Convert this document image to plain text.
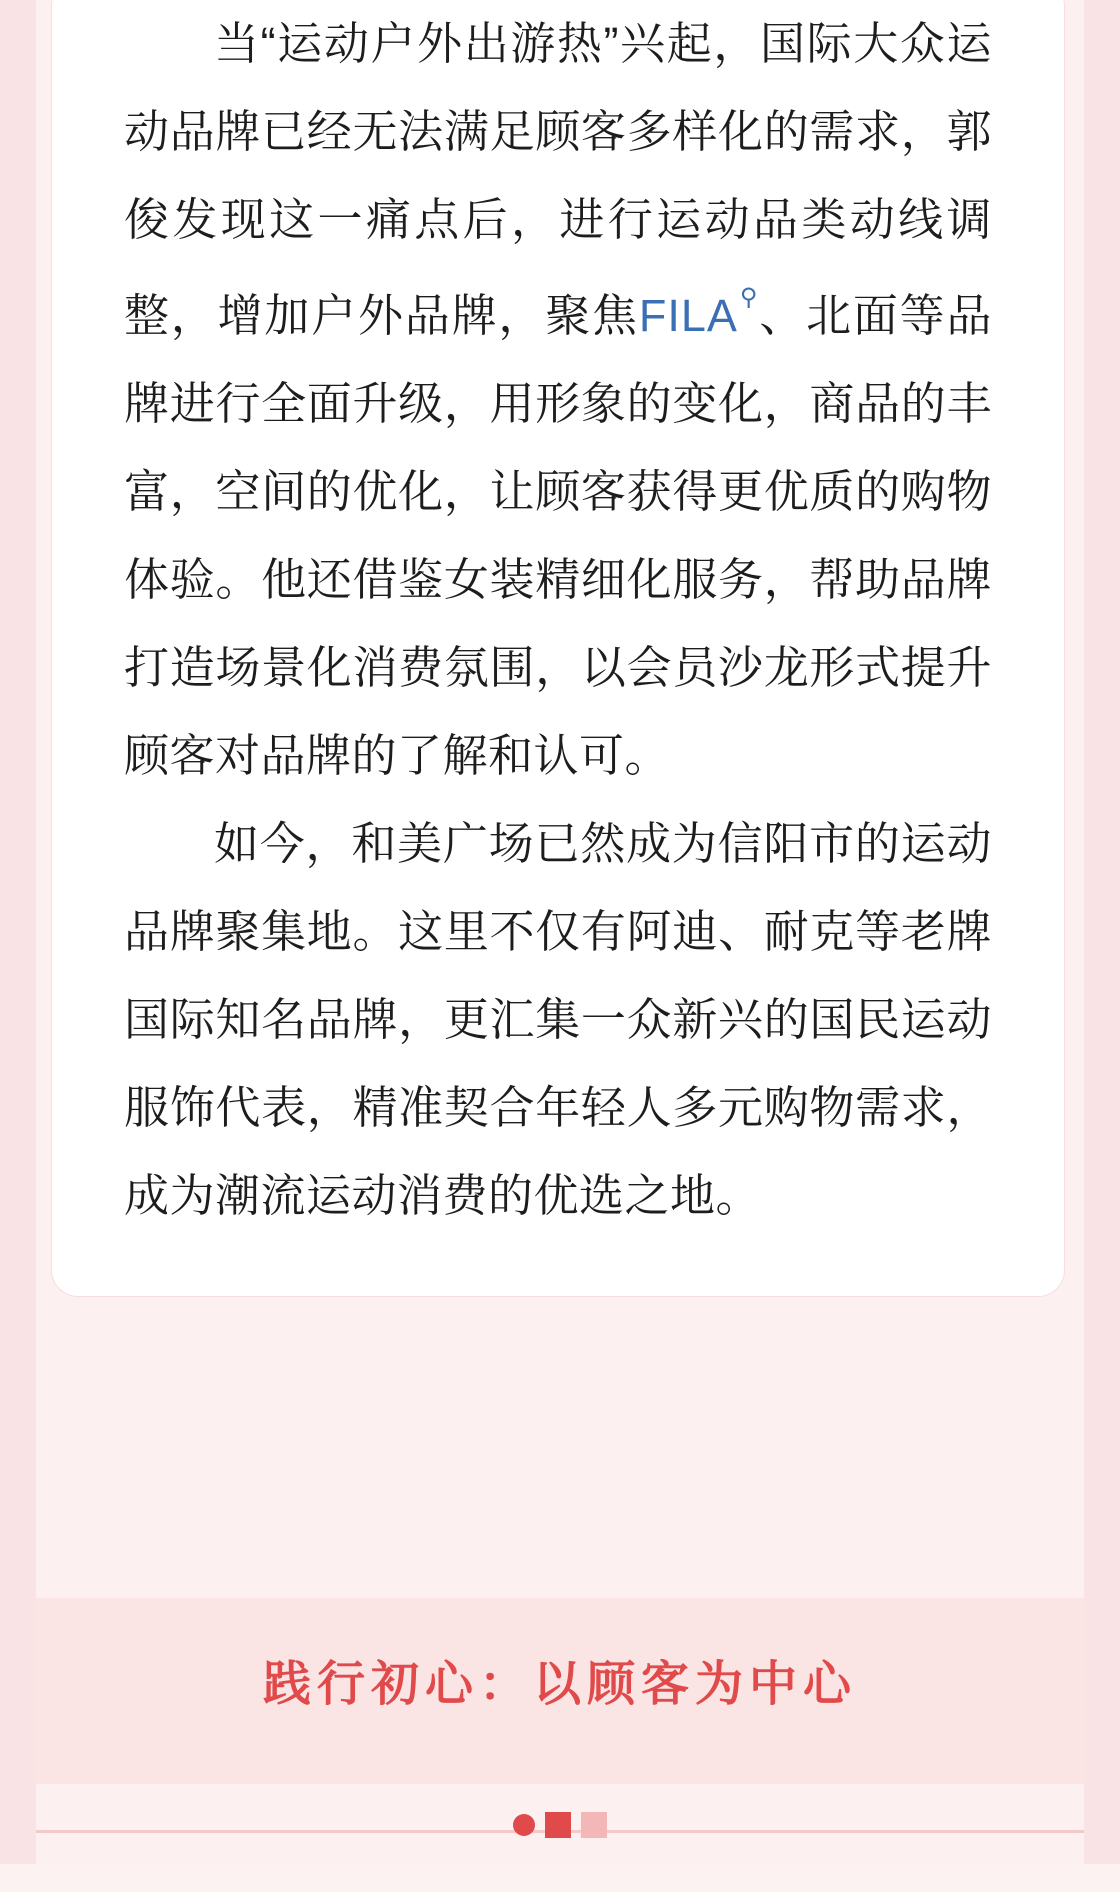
当“运动户外出游热”兴起，国际大众运动品牌已经无法满足顾客多样化的需求，郭俊发现这一痛点后，进行运动品类动线调整，增加户外品牌，聚焦FILA⚲、北面等品牌进行全面升级，用形象的变化，商品的丰富，空间的优化，让顾客获得更优质的购物体验。他还借鉴女装精细化服务，帮助品牌打造场景化消费氛围，以会员沙龙形式提升顾客对品牌的了解和认可。

如今，和美广场已然成为信阳市的运动品牌聚集地。这里不仅有阿迪、耐克等老牌国际知名品牌，更汇集一众新兴的国民运动服饰代表，精准契合年轻人多元购物需求，成为潮流运动消费的优选之地。

践行初心：以顾客为中心
